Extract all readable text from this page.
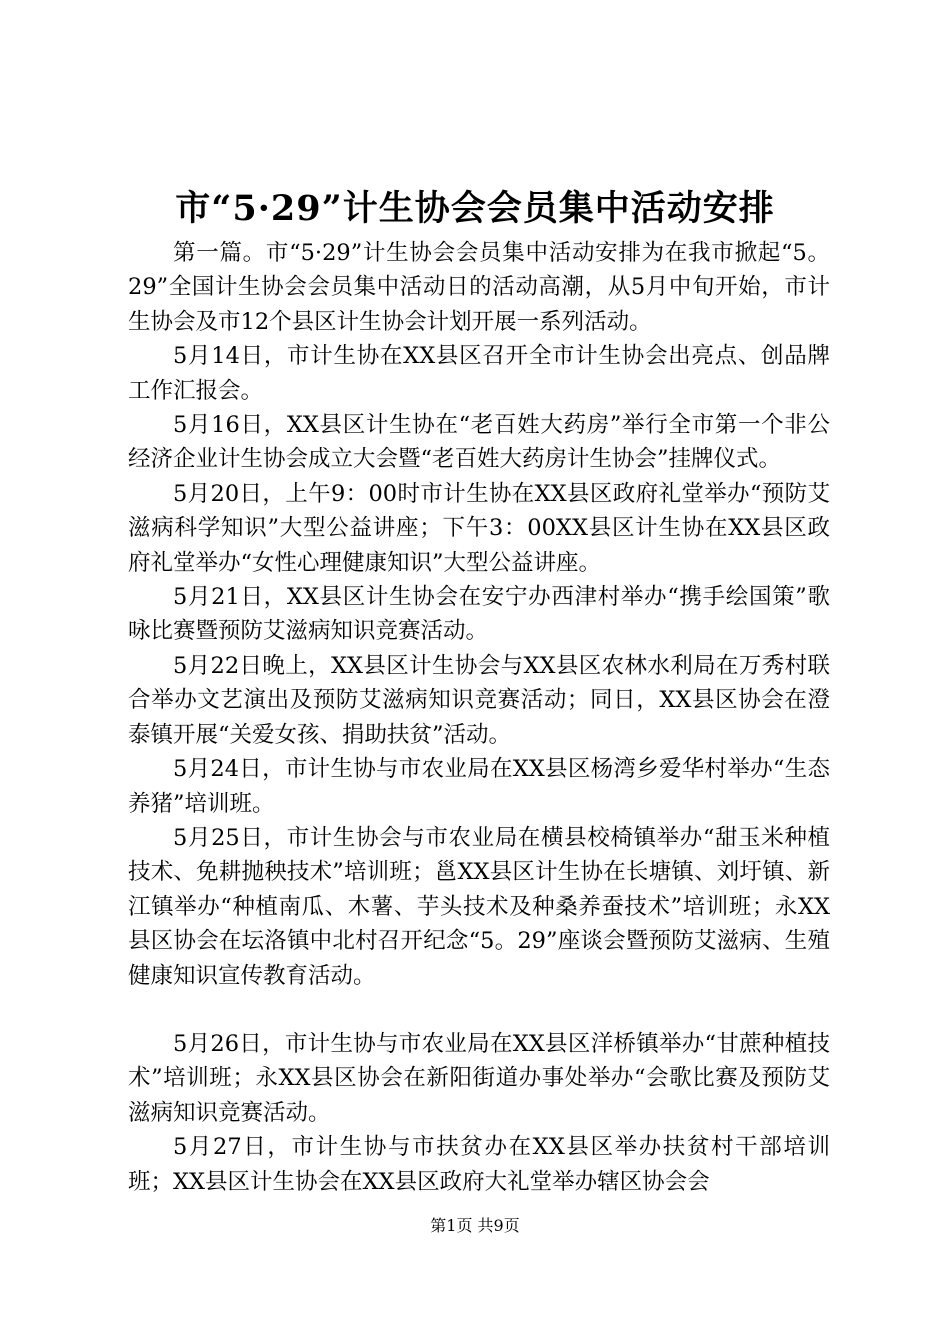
市“5·29”计生协会会员集中活动安排

第一篇。市“5·29”计生协会会员集中活动安排为在我市掀起“5。29”全国计生协会会员集中活动日的活动高潮，从5月中旬开始，市计生协会及市12个县区计生协会计划开展一系列活动。

5月14日，市计生协在XX县区召开全市计生协会出亮点、创品牌工作汇报会。

5月16日，XX县区计生协在“老百姓大药房”举行全市第一个非公经济企业计生协会成立大会暨“老百姓大药房计生协会”挂牌仪式。

5月20日，上午9：00时市计生协在XX县区政府礼堂举办“预防艾滋病科学知识”大型公益讲座；下午3：00XX县区计生协在XX县区政府礼堂举办“女性心理健康知识”大型公益讲座。

5月21日，XX县区计生协会在安宁办西津村举办“携手绘国策”歌咏比赛暨预防艾滋病知识竞赛活动。

5月22日晚上，XX县区计生协会与XX县区农林水利局在万秀村联合举办文艺演出及预防艾滋病知识竞赛活动；同日，XX县区协会在澄泰镇开展“关爱女孩、捐助扶贫”活动。

5月24日，市计生协与市农业局在XX县区杨湾乡爱华村举办“生态养猪”培训班。

5月25日，市计生协会与市农业局在横县校椅镇举办“甜玉米种植技术、免耕抛秧技术”培训班；邕XX县区计生协在长塘镇、刘圩镇、新江镇举办“种植南瓜、木薯、芋头技术及种桑养蚕技术”培训班；永XX县区协会在坛洛镇中北村召开纪念“5。29”座谈会暨预防艾滋病、生殖健康知识宣传教育活动。

5月26日，市计生协与市农业局在XX县区洋桥镇举办“甘蔗种植技术”培训班；永XX县区协会在新阳街道办事处举办“会歌比赛及预防艾滋病知识竞赛活动。

5月27日，市计生协与市扶贫办在XX县区举办扶贫村干部培训班；XX县区计生协会在XX县区政府大礼堂举办辖区协会会

第1页 共9页
